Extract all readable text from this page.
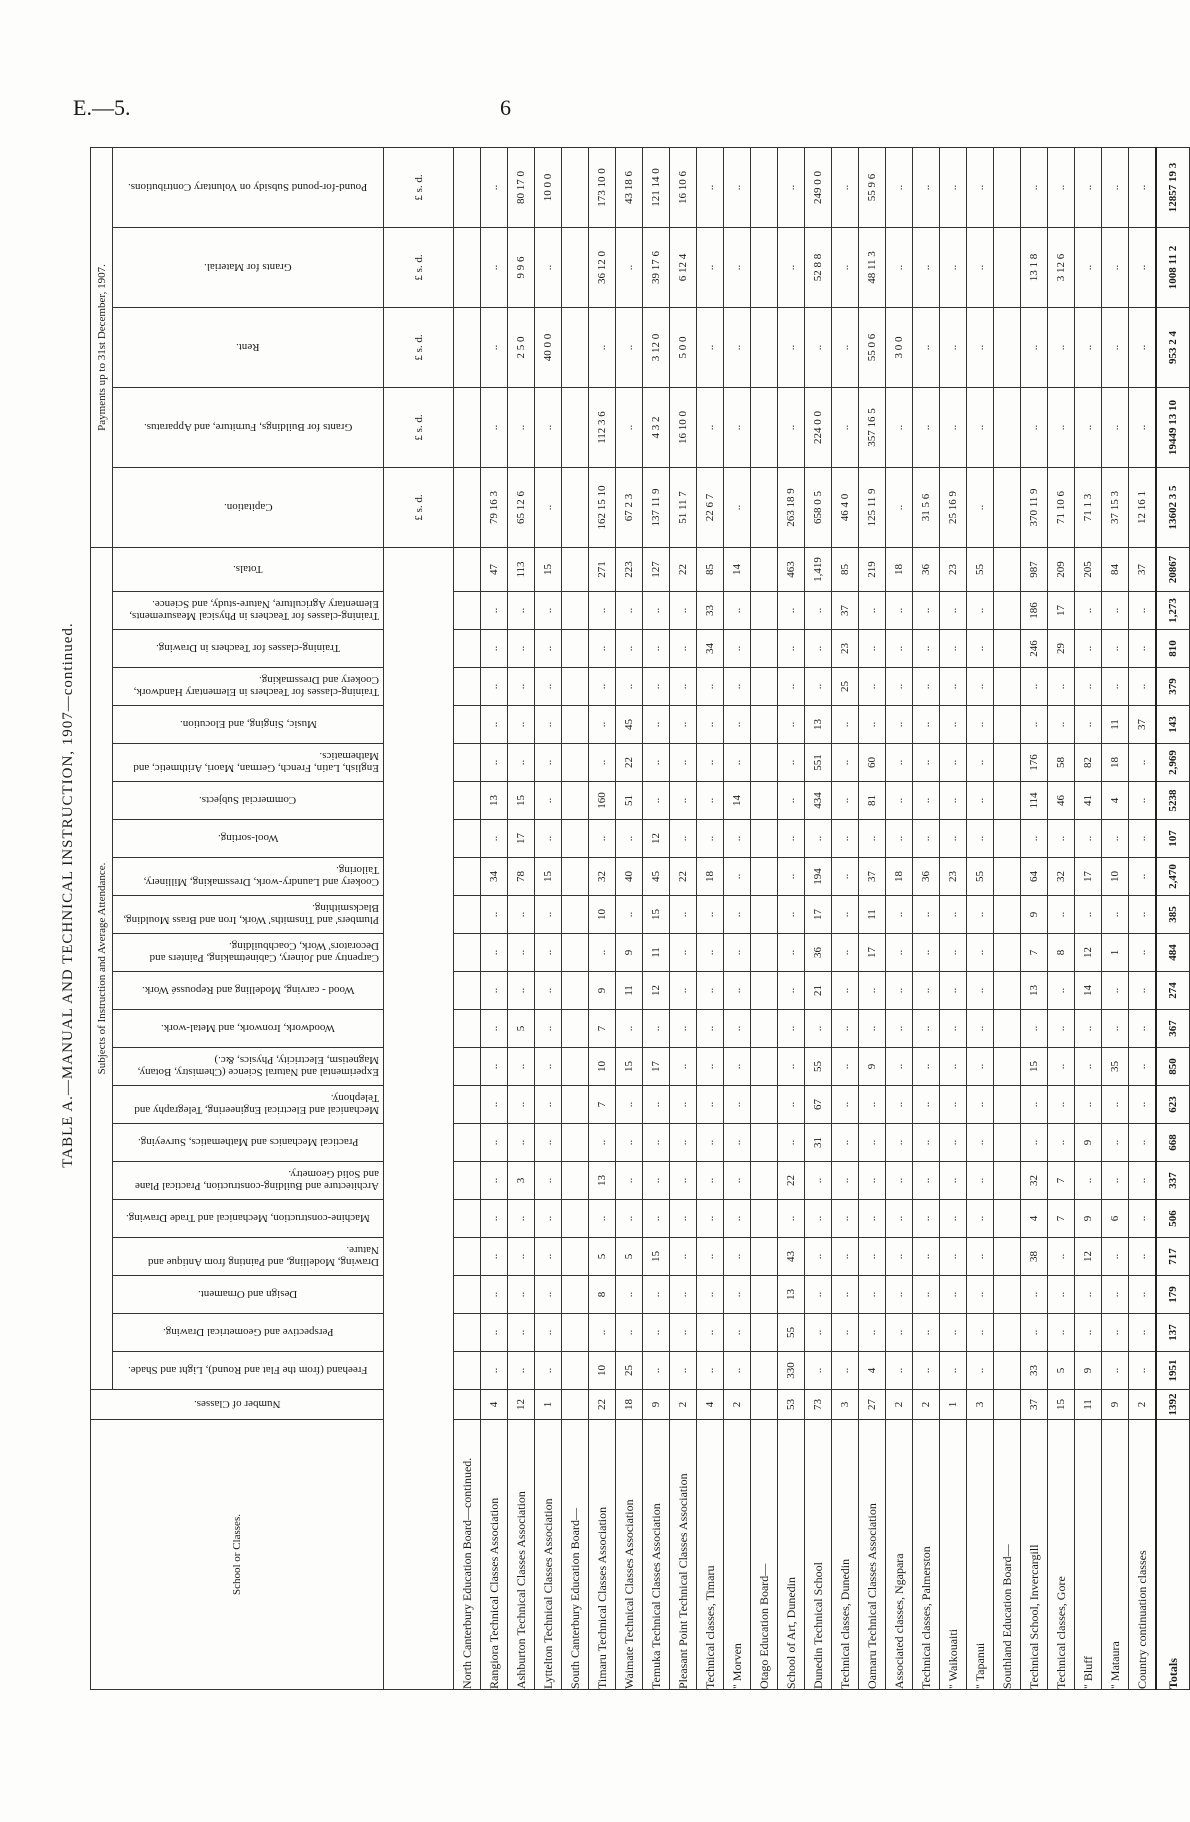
E.—5.	6
TABLE A.—MANUAL AND TECHNICAL INSTRUCTION, 1907—continued.
School or Classes.	Number of Classes.	Subjects of Instruction and Average Attendance.																						Payments up to 31st December, 1907.				

		Freehand (from the Flat and Round), Light and Shade.	Perspective and Geometrical Drawing.	Design and Ornament.	Drawing, Modelling, and Painting from Antique and Nature.	Machine-construction, Mechanical and Trade Drawing.	Architecture and Building-construction, Practical Plane and Solid Geometry.	Practical Mechanics and Mathematics, Surveying.	Mechanical and Electrical Engineering, Telegraphy and Telephony.	Experimental and Natural Science (Chemistry, Botany, Magnetism, Electricity, Physics, &c.)	Woodwork, Ironwork, and Metal-work.	Wood - carving, Modelling and Repoussé Work.	Carpentry and Joinery, Cabinetmaking, Painters and Decorators' Work, Coachbuilding.	Plumbers' and Tinsmiths' Work, Iron and Brass Moulding, Blacksmithing.	Cookery and Laundry-work, Dressmaking, Millinery, Tailoring.	Wool-sorting.	Commercial Subjects.	English, Latin, French, German, Maori, Arithmetic, and Mathematics.	Music, Singing, and Elocution.	Training-classes for Teachers in Elementary Handwork, Cookery and Dressmaking.	Training-classes for Teachers in Drawing.	Training-classes for Teachers in Physical Measurements, Elementary Agriculture, Nature-study, and Science.	Totals.	Capitation.	Grants for Buildings, Furniture, and Apparatus.	Rent.	Grants for Material.	Pound-for-pound Subsidy on Voluntary Contributions.

																								£ s. d.	£ s. d.	£ s. d.	£ s. d.	£ s. d.
North Canterbury Education Board—continued.																												
Rangiora Technical Classes Association	4	..	..	..	..	..	..	..	..	..	..	..	..	..	34	..	13	..	..	..	..	..	47	79 16 3	..	..	..	..
Ashburton Technical Classes Association	12	..	..	..	..	..	3	..	..	..	5	..	..	..	78	17	15	..	..	..	..	..	113	65 12 6	..	2 5 0	9 9 6	80 17 0
Lyttelton Technical Classes Association	1	..	..	..	..	..	..	..	..	..	..	..	..	..	15	..	..	..	..	..	..	..	15	..	..	40 0 0	..	10 0 0
South Canterbury Education Board—																												
Timaru Technical Classes Association	22	10	..	8	5	..	13	..	7	10	7	9	..	10	32	..	160	..	..	..	..	..	271	162 15 10	112 3 6	..	36 12 0	173 10 0
Waimate Technical Classes Association	18	25	..	..	5	..	..	..	..	15	..	11	9	..	40	..	51	22	45	..	..	..	223	67 2 3	..	..	..	43 18 6
Temuka Technical Classes Association	9	..	..	..	15	..	..	..	..	17	..	12	11	15	45	12	..	..	..	..	..	..	127	137 11 9	4 3 2	3 12 0	39 17 6	121 14 0
Pleasant Point Technical Classes Association	2	..	..	..	..	..	..	..	..	..	..	..	..	..	22	..	..	..	..	..	..	..	22	51 11 7	16 10 0	5 0 0	6 12 4	16 10 6
Technical classes, Timaru	4	..	..	..	..	..	..	..	..	..	..	..	..	..	18	..	..	..	..	..	34	33	85	22 6 7	..	..	..	..
" Morven	2	..	..	..	..	..	..	..	..	..	..	..	..	..	..	..	14	..	..	..	..	..	14	..	..	..	..	..
Otago Education Board—																												
School of Art, Dunedin	53	330	55	13	43	..	22	..	..	..	..	..	..	..	..	..	..	..	..	..	..	..	463	263 18 9	..	..	..	..
Dunedin Technical School	73	..	..	..	..	..	..	31	67	55	..	21	36	17	194	..	434	551	13	..	..	..	1,419	658 0 5	224 0 0	..	52 8 8	249 0 0
Technical classes, Dunedin	3	..	..	..	..	..	..	..	..	..	..	..	..	..	..	..	..	..	..	25	23	37	85	46 4 0	..	..	..	..
Oamaru Technical Classes Association	27	4	..	..	..	..	..	..	..	9	..	..	17	11	37	..	81	60	..	..	..	..	219	125 11 9	357 16 5	55 0 6	48 11 3	55 9 6
Associated classes, Ngapara	2	..	..	..	..	..	..	..	..	..	..	..	..	..	18	..	..	..	..	..	..	..	18	..	..	3 0 0	..	..
Technical classes, Palmerston	2	..	..	..	..	..	..	..	..	..	..	..	..	..	36	..	..	..	..	..	..	..	36	31 5 6	..	..	..	..
" Waikouaiti	1	..	..	..	..	..	..	..	..	..	..	..	..	..	23	..	..	..	..	..	..	..	23	25 16 9	..	..	..	..
" Tapanui	3	..	..	..	..	..	..	..	..	..	..	..	..	..	55	..	..	..	..	..	..	..	55	..	..	..	..	..
Southland Education Board—																												
Technical School, Invercargill	37	33	..	..	38	4	32	..	..	15	..	13	7	9	64	..	114	176	..	..	246	186	987	370 11 9	..	..	13 1 8	..
Technical classes, Gore	15	5	..	..	..	7	7	..	..	..	..	..	8	..	32	..	46	58	..	..	29	17	209	71 10 6	..	..	3 12 6	..
" Bluff	11	9	..	..	12	9	..	9	..	..	..	14	12	..	17	..	41	82	..	..	..	..	205	71 1 3	..	..	..	..
" Mataura	9	..	..	..	..	6	..	..	..	35	..	..	1	..	10	..	4	18	11	..	..	..	84	37 15 3	..	..	..	..
Country continuation classes	2	..	..	..	..	..	..	..	..	..	..	..	..	..	..	..	..	..	37	..	..	..	37	12 16 1	..	..	..	..
Totals	1392	1951	137	179	717	506	337	668	623	850	367	274	484	385	2,470	107	5238	2,969	143	379	810	1,273	20867	13602 3 5	19449 13 10	953 2 4	1008 11 2	12857 19 3
